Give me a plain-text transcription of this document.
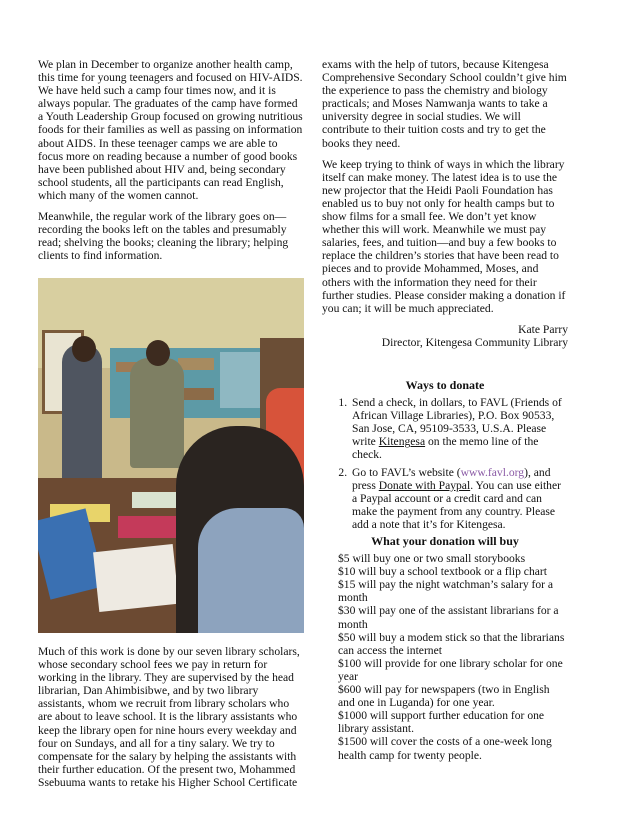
We plan in December to organize another health camp, this time for young teenagers and focused on HIV-AIDS. We have held such a camp four times now, and it is always popular. The graduates of the camp have formed a Youth Leadership Group focused on growing nutritious foods for their families as well as passing on information about AIDS. In these teenager camps we are able to focus more on reading because a number of good books have been published about HIV and, being secondary school students, all the participants can read English, which many of the women cannot.

Meanwhile, the regular work of the library goes on—recording the books left on the tables and presumably read; shelving the books; cleaning the library; helping clients to find information.

Much of this work is done by our seven library scholars, whose secondary school fees we pay in return for working in the library. They are supervised by the head librarian, Dan Ahimbisibwe, and by two library assistants, whom we recruit from library scholars who are about to leave school. It is the library assistants who keep the library open for nine hours every weekday and four on Sundays, and all for a tiny salary. We try to compensate for the salary by helping the assistants with their further education. Of the present two, Mohammed Ssebuuma wants to retake his Higher School Certificate

exams with the help of tutors, because Kitengesa Comprehensive Secondary School couldn’t give him the experience to pass the chemistry and biology practicals; and Moses Namwanja wants to take a university degree in social studies. We will contribute to their tuition costs and try to get the books they need.

We keep trying to think of ways in which the library itself can make money. The latest idea is to use the new projector that the Heidi Paoli Foundation has enabled us to buy not only for health camps but to show films for a small fee. We don’t yet know whether this will work. Meanwhile we must pay salaries, fees, and tuition—and buy a few books to replace the children’s stories that have been read to pieces and to provide Mohammed, Moses, and others with the information they need for their further studies. Please consider making a donation if you can; it will be much appreciated.

Kate Parry

Director, Kitengesa Community Library

Ways to donate
1. Send a check, in dollars, to FAVL (Friends of African Village Libraries), P.O. Box 90533, San Jose, CA, 95109-3533, U.S.A. Please write Kitengesa on the memo line of the check.
2. Go to FAVL’s website (www.favl.org), and press Donate with Paypal. You can use either a Paypal account or a credit card and can make the payment from any country. Please add a note that it’s for Kitengesa.
What your donation will buy
$5 will buy one or two small storybooks
$10 will buy a school textbook or a flip chart
$15 will pay the night watchman’s salary for a month
$30 will pay one of the assistant librarians for a month
$50 will buy a modem stick so that the librarians can access the internet
$100 will provide for one library scholar for one year
$600 will pay for newspapers (two in English and one in Luganda) for one year.
$1000 will support further education for one library assistant.
$1500 will cover the costs of a one-week long health camp for twenty people.
